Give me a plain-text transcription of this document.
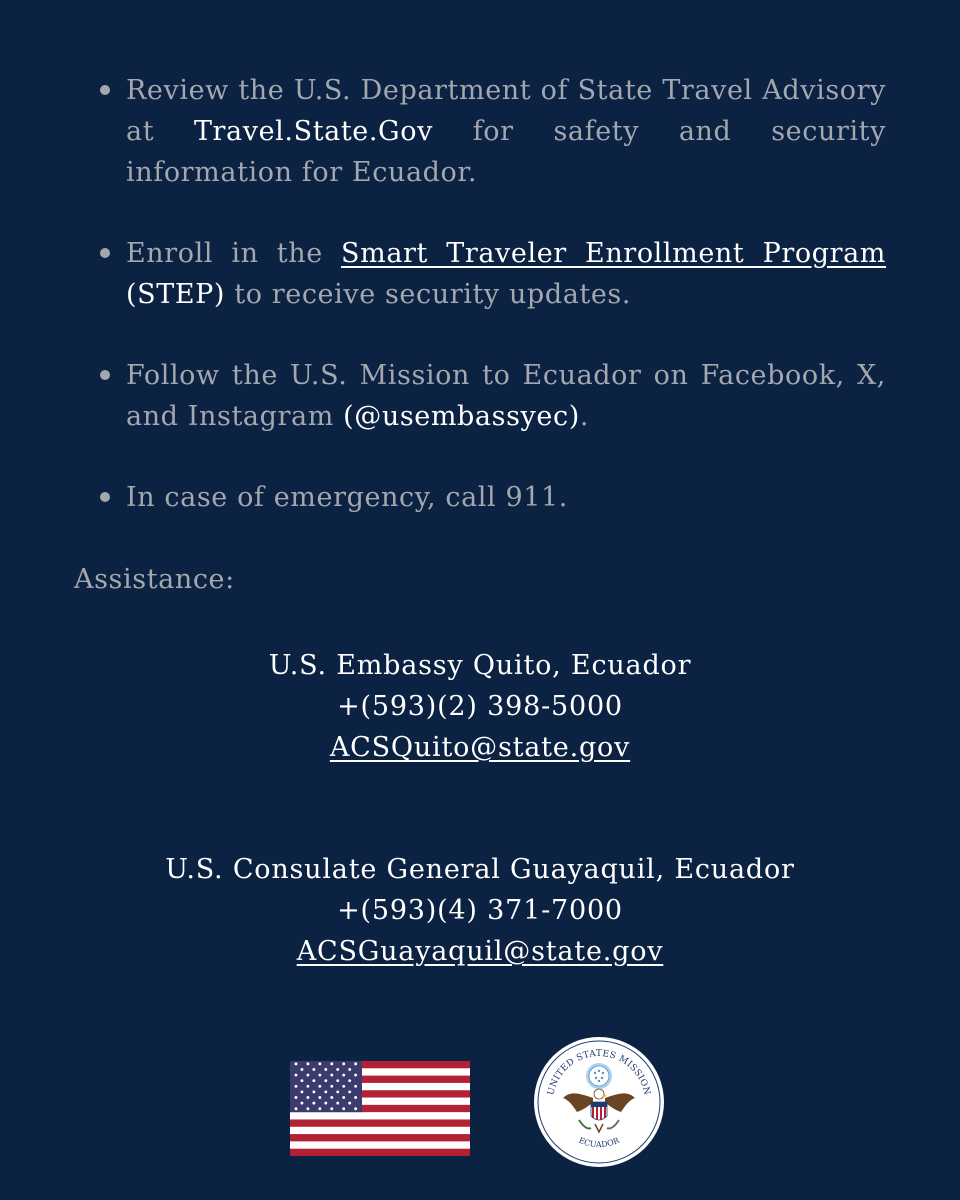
Review the U.S. Department of State Travel Advisory at Travel.State.Gov for safety and security information for Ecuador.
Enroll in the Smart Traveler Enrollment Program (STEP) to receive security updates.
Follow the U.S. Mission to Ecuador on Facebook, X, and Instagram (@usembassyec).
In case of emergency, call 911.
Assistance:
U.S. Embassy Quito, Ecuador
+(593)(2) 398-5000
ACSQuito@state.gov
U.S. Consulate General Guayaquil, Ecuador
+(593)(4) 371-7000
ACSGuayaquil@state.gov
UNITED STATES MISSION
ECUADOR
